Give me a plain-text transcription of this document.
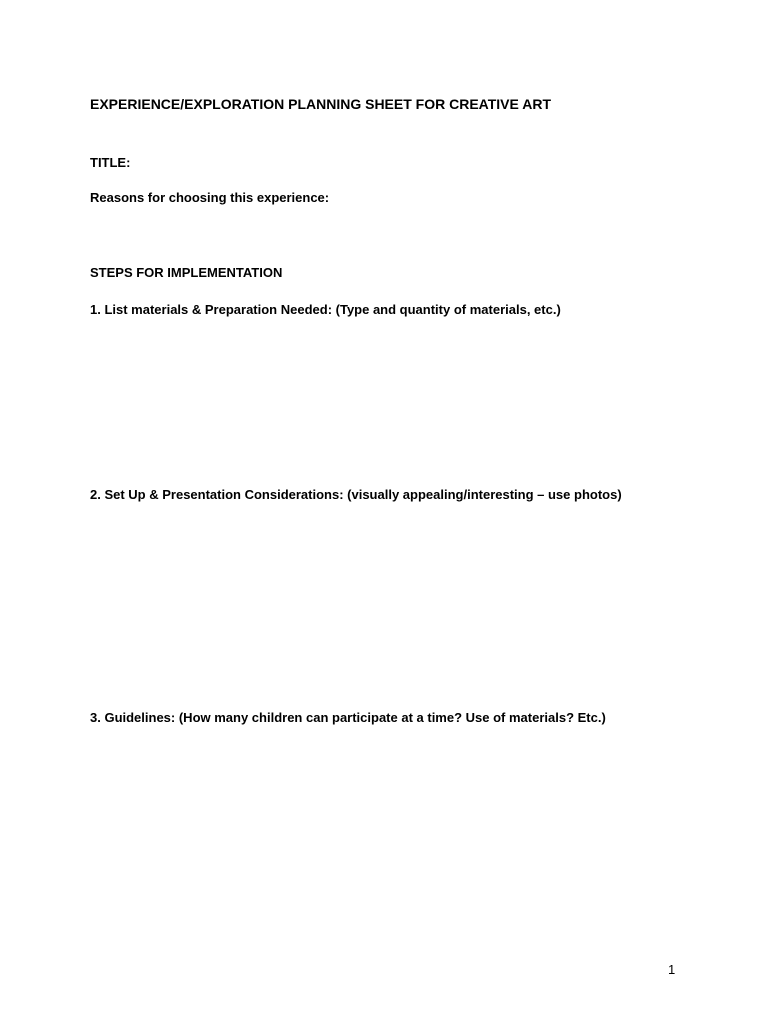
EXPERIENCE/EXPLORATION PLANNING SHEET FOR CREATIVE ART
TITLE:
Reasons for choosing this experience:
STEPS FOR IMPLEMENTATION
1. List materials & Preparation Needed: (Type and quantity of materials, etc.)
2. Set Up & Presentation Considerations: (visually appealing/interesting – use photos)
3. Guidelines: (How many children can participate at a time? Use of materials? Etc.)
1
